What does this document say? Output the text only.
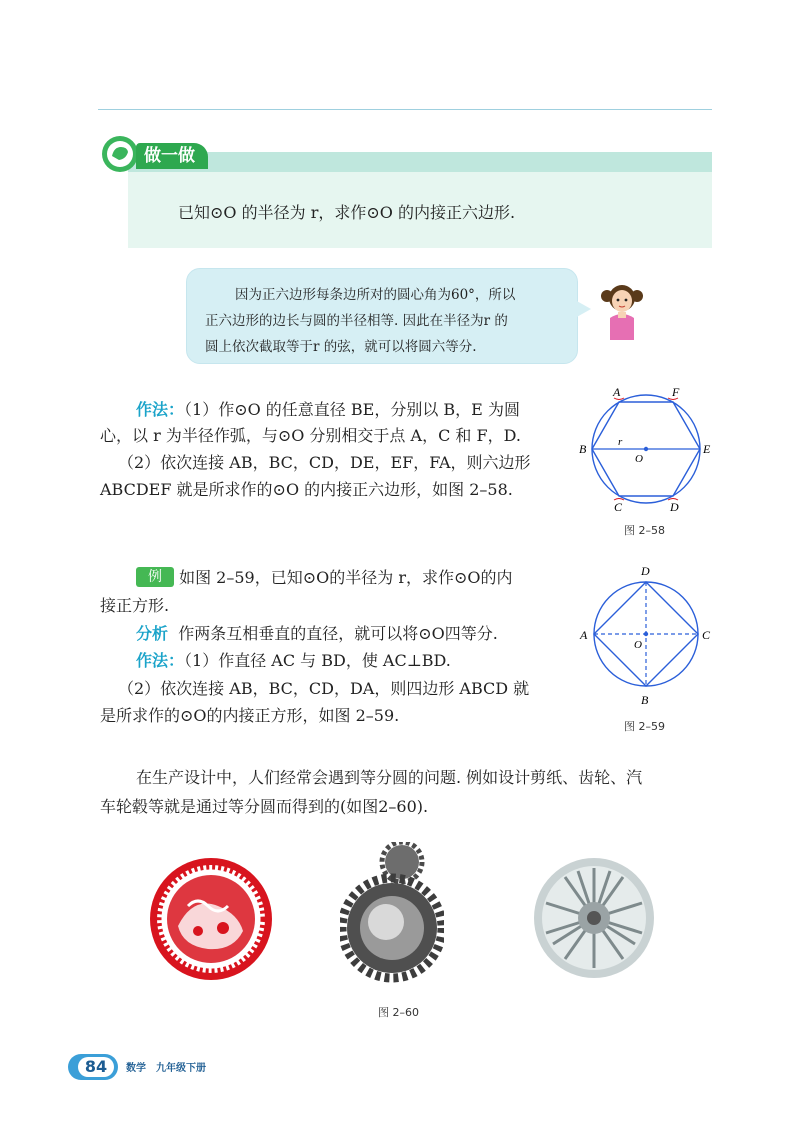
做一做
已知⊙O 的半径为 r，求作⊙O 的内接正六边形.

因为正六边形每条边所对的圆心角为60°，所以

正六边形的边长与圆的半径相等. 因此在半径为r 的

圆上依次截取等于r 的弦，就可以将圆六等分.

作法：（1）作⊙O 的任意直径 BE，分别以 B，E 为圆
心，以 r 为半径作弧，与⊙O 分别相交于点 A，C 和 F，D.
（2）依次连接 AB，BC，CD，DE，EF，FA，则六边形
ABCDEF 就是所求作的⊙O 的内接正六边形，如图 2–58.
A	F
B	E
C	D
O
r
图 2–58
例 如图 2–59，已知⊙O的半径为 r，求作⊙O的内
接正方形.
分析 作两条互相垂直的直径，就可以将⊙O四等分.
作法：（1）作直径 AC 与 BD，使 AC⊥BD.
（2）依次连接 AB，BC，CD，DA，则四边形 ABCD 就
是所求作的⊙O的内接正方形，如图 2–59.
D
A	C
B
O
图 2–59
在生产设计中，人们经常会遇到等分圆的问题. 例如设计剪纸、齿轮、汽
车轮毂等就是通过等分圆而得到的(如图2–60).
图 2–60
84	数学　九年级下册
